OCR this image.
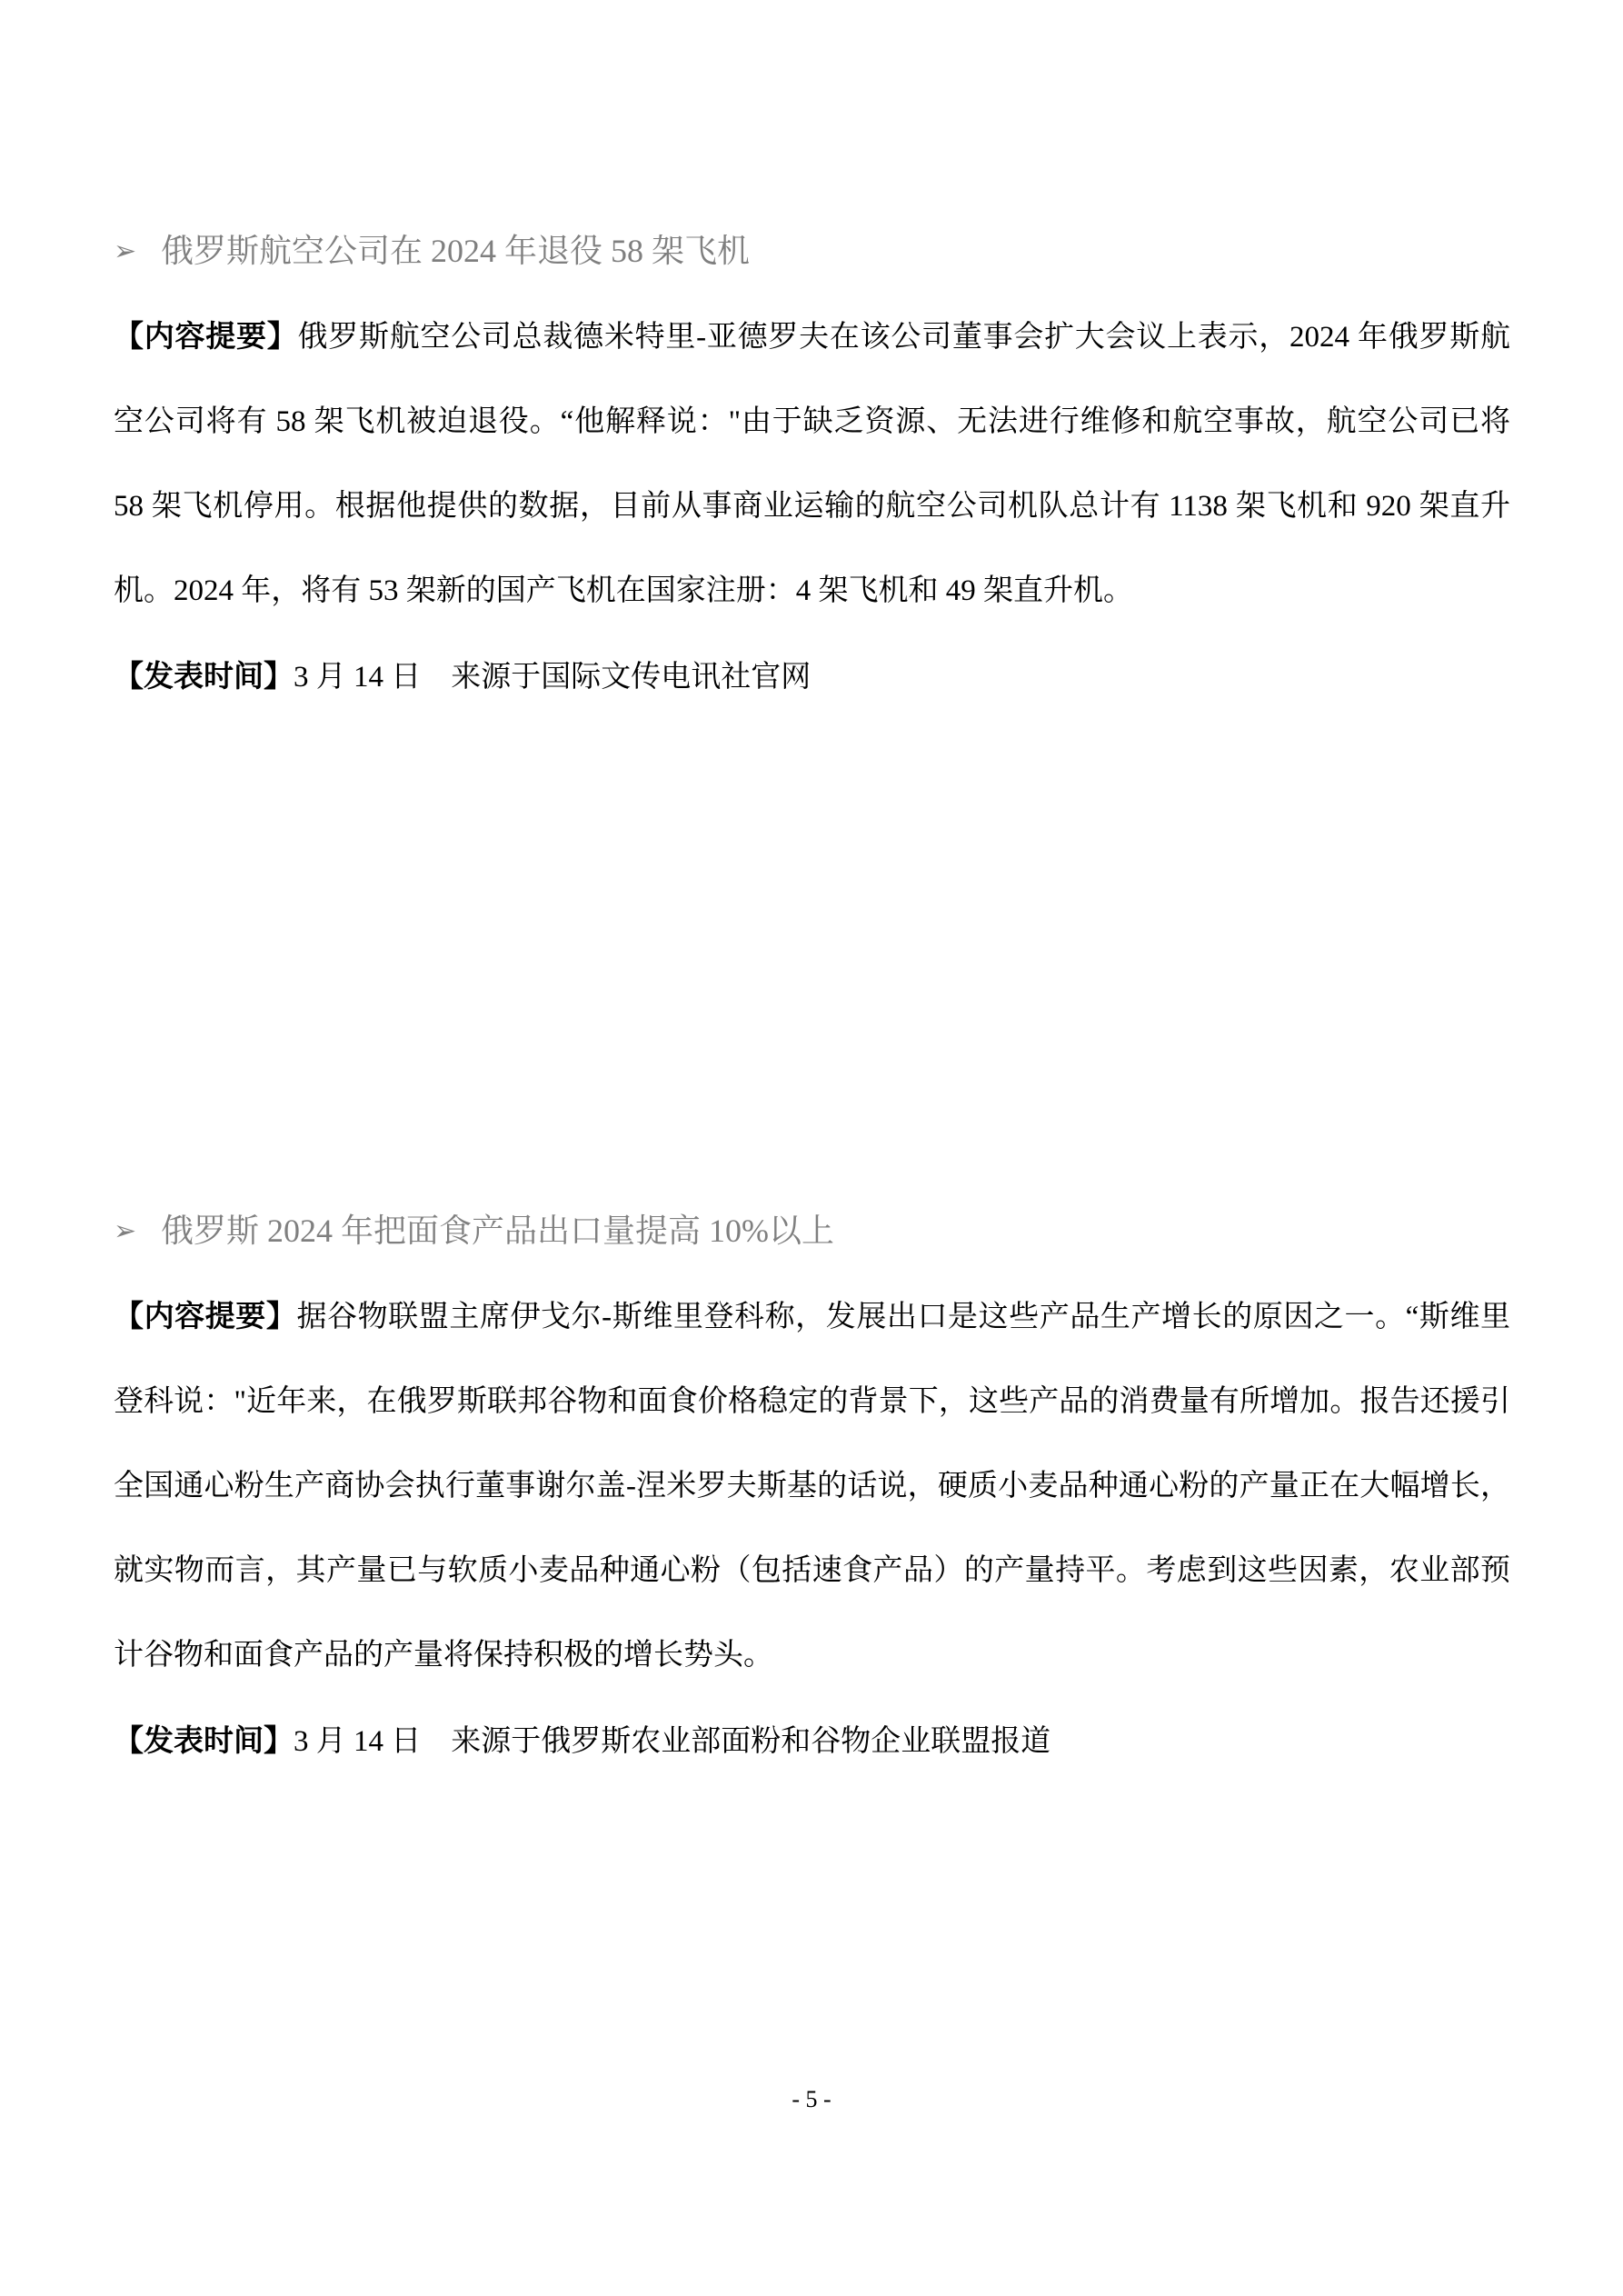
➢ 俄罗斯航空公司在 2024 年退役 58 架飞机

【内容提要】俄罗斯航空公司总裁德米特里-亚德罗夫在该公司董事会扩大会议上表示，2024 年俄罗斯航空公司将有 58 架飞机被迫退役。“他解释说："由于缺乏资源、无法进行维修和航空事故，航空公司已将 58 架飞机停用。根据他提供的数据，目前从事商业运输的航空公司机队总计有 1138 架飞机和 920 架直升机。2024 年，将有 53 架新的国产飞机在国家注册：4 架飞机和 49 架直升机。

【发表时间】3 月 14 日　来源于国际文传电讯社官网

➢ 俄罗斯 2024 年把面食产品出口量提高 10%以上

【内容提要】据谷物联盟主席伊戈尔-斯维里登科称，发展出口是这些产品生产增长的原因之一。“斯维里登科说："近年来，在俄罗斯联邦谷物和面食价格稳定的背景下，这些产品的消费量有所增加。报告还援引全国通心粉生产商协会执行董事谢尔盖-涅米罗夫斯基的话说，硬质小麦品种通心粉的产量正在大幅增长，就实物而言，其产量已与软质小麦品种通心粉（包括速食产品）的产量持平。考虑到这些因素，农业部预计谷物和面食产品的产量将保持积极的增长势头。

【发表时间】3 月 14 日　来源于俄罗斯农业部面粉和谷物企业联盟报道

- 5 -
